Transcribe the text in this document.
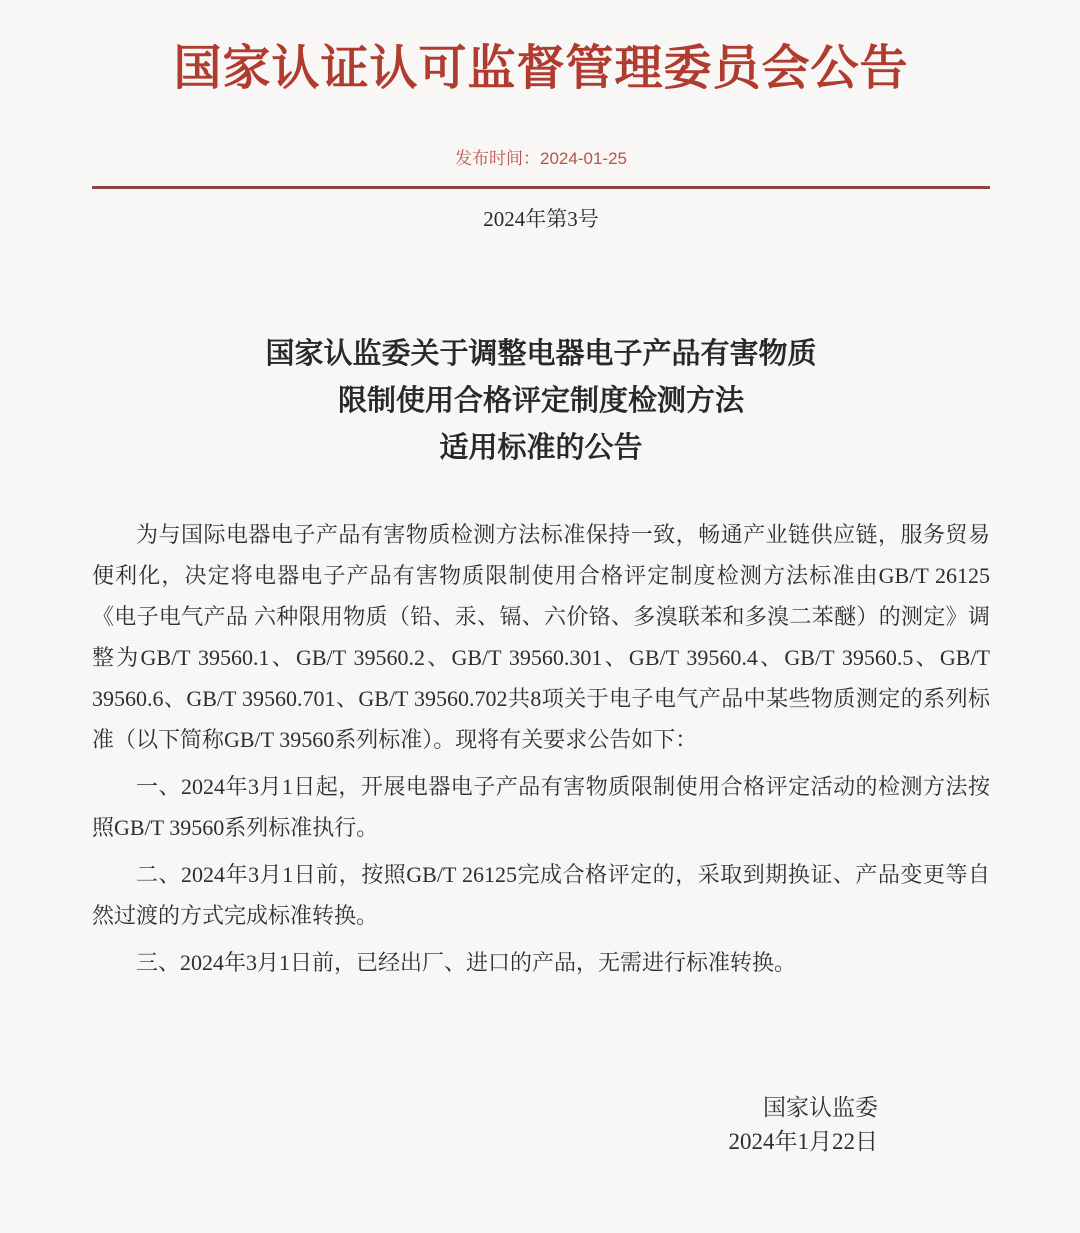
国家认证认可监督管理委员会公告
发布时间：2024-01-25
2024年第3号
国家认监委关于调整电器电子产品有害物质
限制使用合格评定制度检测方法
适用标准的公告

为与国际电器电子产品有害物质检测方法标准保持一致，畅通产业链供应链，服务贸易便利化，决定将电器电子产品有害物质限制使用合格评定制度检测方法标准由GB/T 26125《电子电气产品 六种限用物质（铅、汞、镉、六价铬、多溴联苯和多溴二苯醚）的测定》调整为GB/T 39560.1、GB/T 39560.2、GB/T 39560.301、GB/T 39560.4、GB/T 39560.5、GB/T 39560.6、GB/T 39560.701、GB/T 39560.702共8项关于电子电气产品中某些物质测定的系列标准（以下简称GB/T 39560系列标准）。现将有关要求公告如下：

一、2024年3月1日起，开展电器电子产品有害物质限制使用合格评定活动的检测方法按照GB/T 39560系列标准执行。

二、2024年3月1日前，按照GB/T 26125完成合格评定的，采取到期换证、产品变更等自然过渡的方式完成标准转换。

三、2024年3月1日前，已经出厂、进口的产品，无需进行标准转换。

国家认监委
2024年1月22日
